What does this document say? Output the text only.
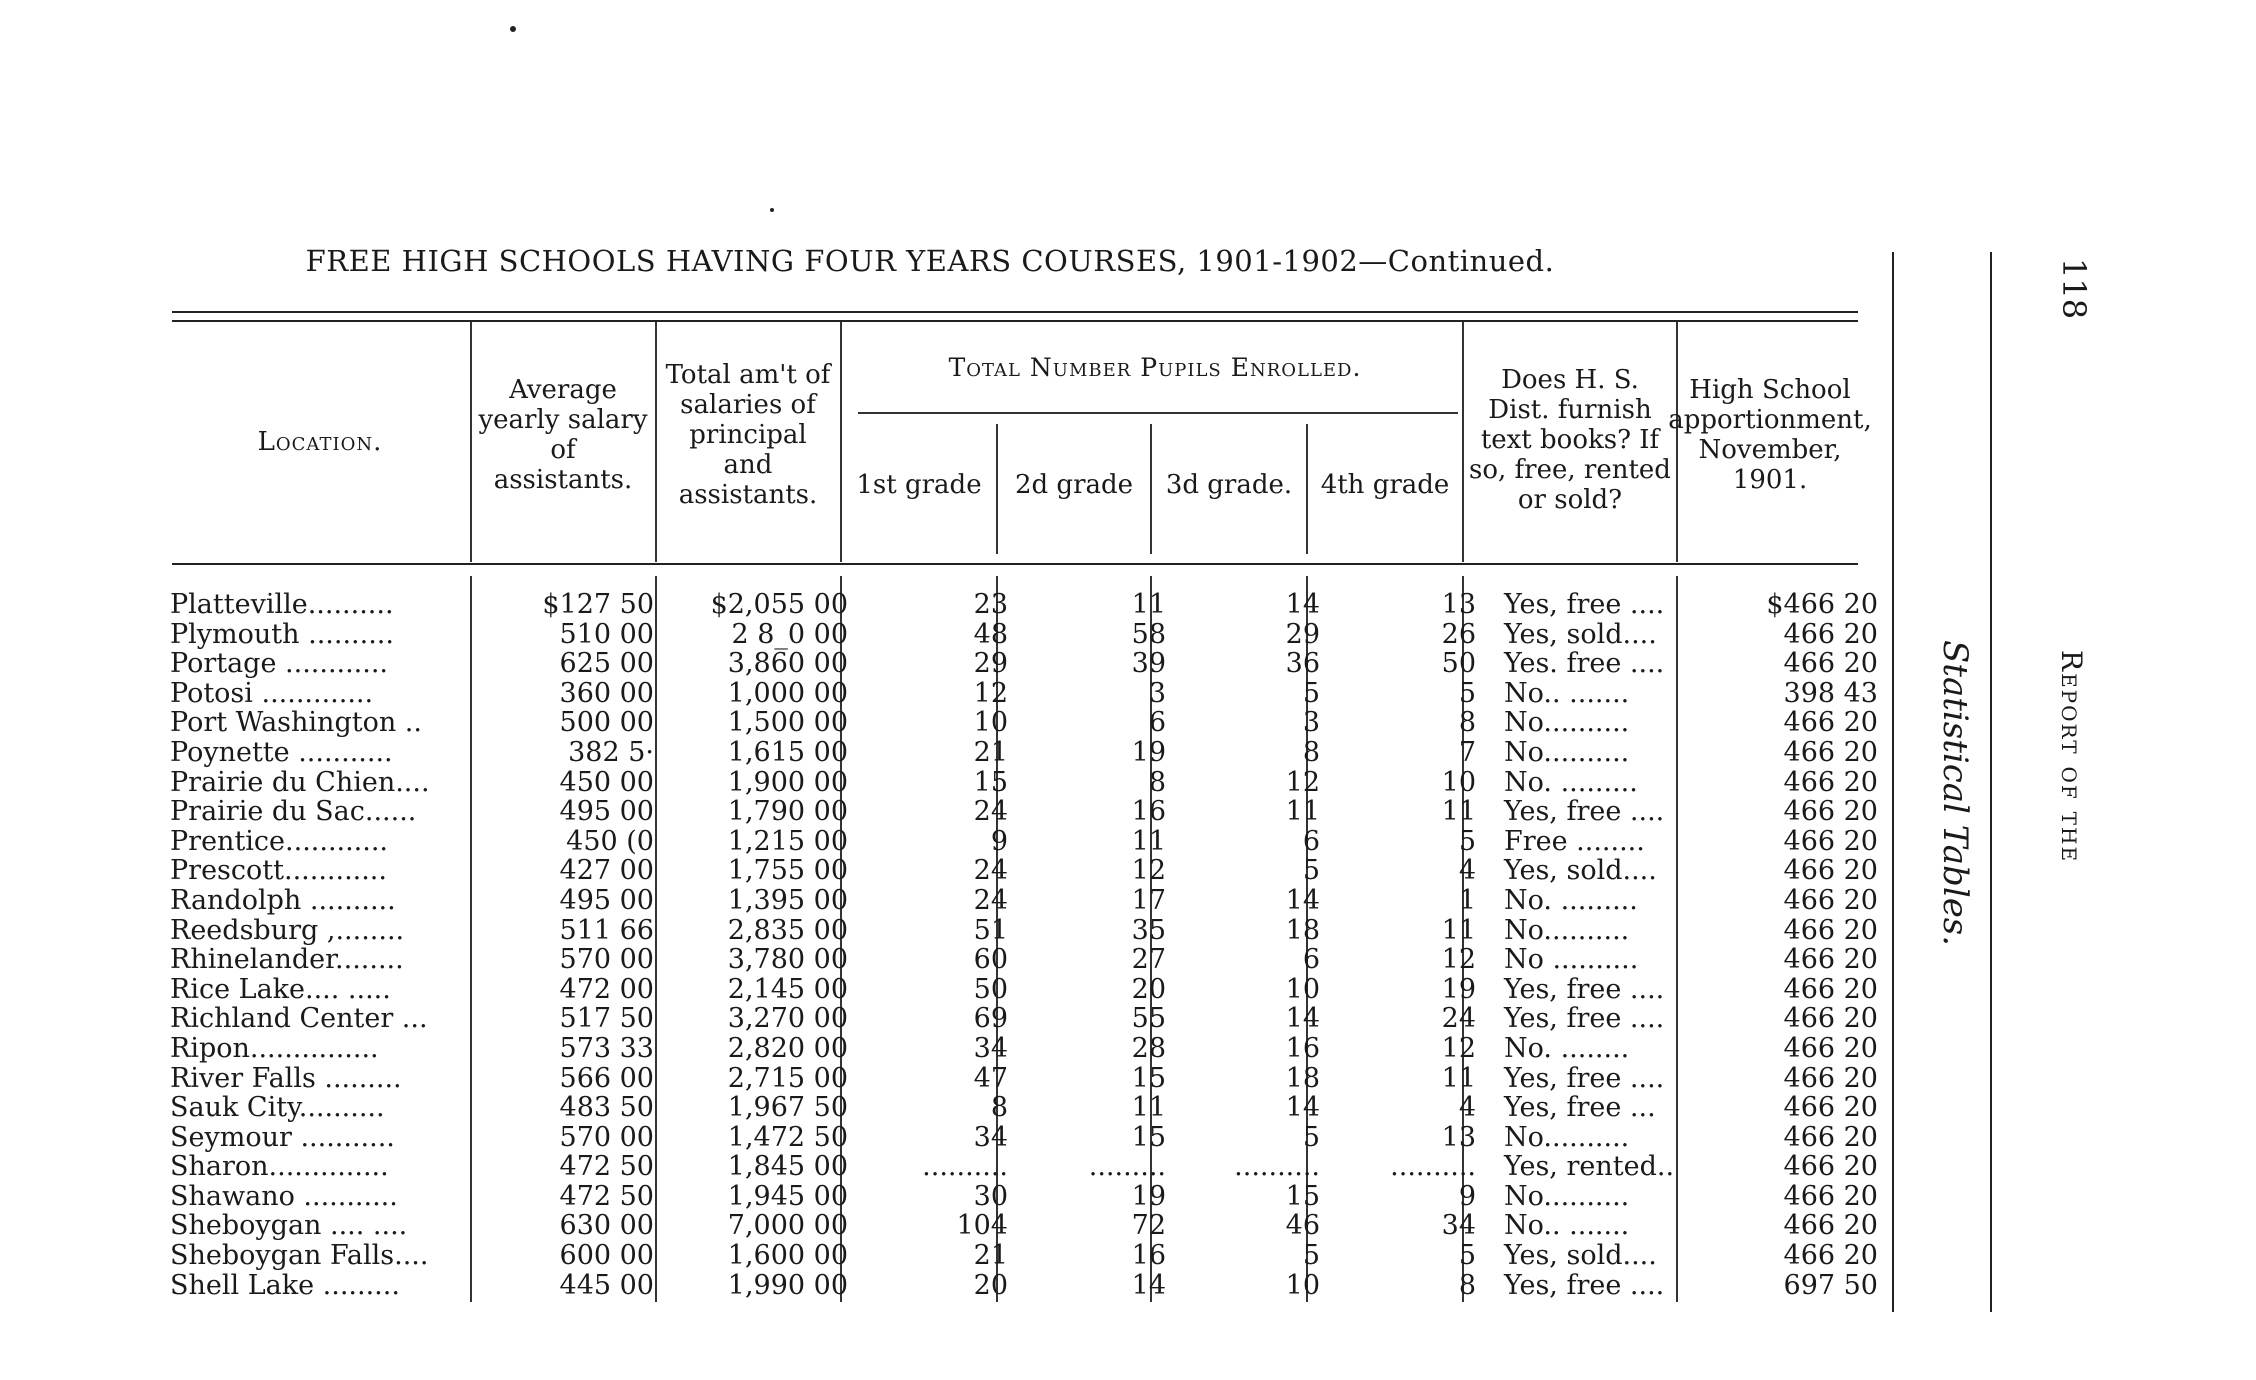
FREE HIGH SCHOOLS HAVING FOUR YEARS COURSES, 1901-1902—Continued.
Location.
Average yearly salary of assistants.
Total am't of salaries of principal and assistants.
Total Number Pupils Enrolled.
1st grade	2d grade	3d grade.	4th grade
Does H. S. Dist. furnish text books? If so, free, rented or sold?
High School apportionment, November, 1901.
Platteville..........	$127 50	$2,055 00	23	11	14	13	Yes, free ....	$466 20
Plymouth ..........	510 00	2 8_0 00	48	58	29	26	Yes, sold....	466 20
Portage ............	625 00	3,860 00	29	39	36	50	Yes. free ....	466 20
Potosi .............	360 00	1,000 00	12	3	5	5	No.. .......	398 43
Port Washington ..	500 00	1,500 00	10	6	3	8	No..........	466 20
Poynette ...........	382 5·	1,615 00	21	19	8	7	No..........	466 20
Prairie du Chien....	450 00	1,900 00	15	8	12	10	No. .........	466 20
Prairie du Sac......	495 00	1,790 00	24	16	11	11	Yes, free ....	466 20
Prentice............	450 (0	1,215 00	9	11	6	5	Free ........	466 20
Prescott............	427 00	1,755 00	24	12	5	4	Yes, sold....	466 20
Randolph ..........	495 00	1,395 00	24	17	14	1	No. .........	466 20
Reedsburg ,........	511 66	2,835 00	51	35	18	11	No..........	466 20
Rhinelander........	570 00	3,780 00	60	27	6	12	No ..........	466 20
Rice Lake.... .....	472 00	2,145 00	50	20	10	19	Yes, free ....	466 20
Richland Center ...	517 50	3,270 00	69	55	14	24	Yes, free ....	466 20
Ripon...............	573 33	2,820 00	34	28	16	12	No. ........	466 20
River Falls .........	566 00	2,715 00	47	15	18	11	Yes, free ....	466 20
Sauk City..........	483 50	1,967 50	8	11	14	4	Yes, free ...	466 20
Seymour ...........	570 00	1,472 50	34	15	5	13	No..........	466 20
Sharon..............	472 50	1,845 00	..........	.........	..........	..........	Yes, rented..	466 20
Shawano ...........	472 50	1,945 00	30	19	15	9	No..........	466 20
Sheboygan .... ....	630 00	7,000 00	104	72	46	34	No.. .......	466 20
Sheboygan Falls....	600 00	1,600 00	21	16	5	5	Yes, sold....	466 20
Shell Lake .........	445 00	1,990 00	20	14	10	8	Yes, free ....	697 50
Statistical Tables.	Report of the
118
